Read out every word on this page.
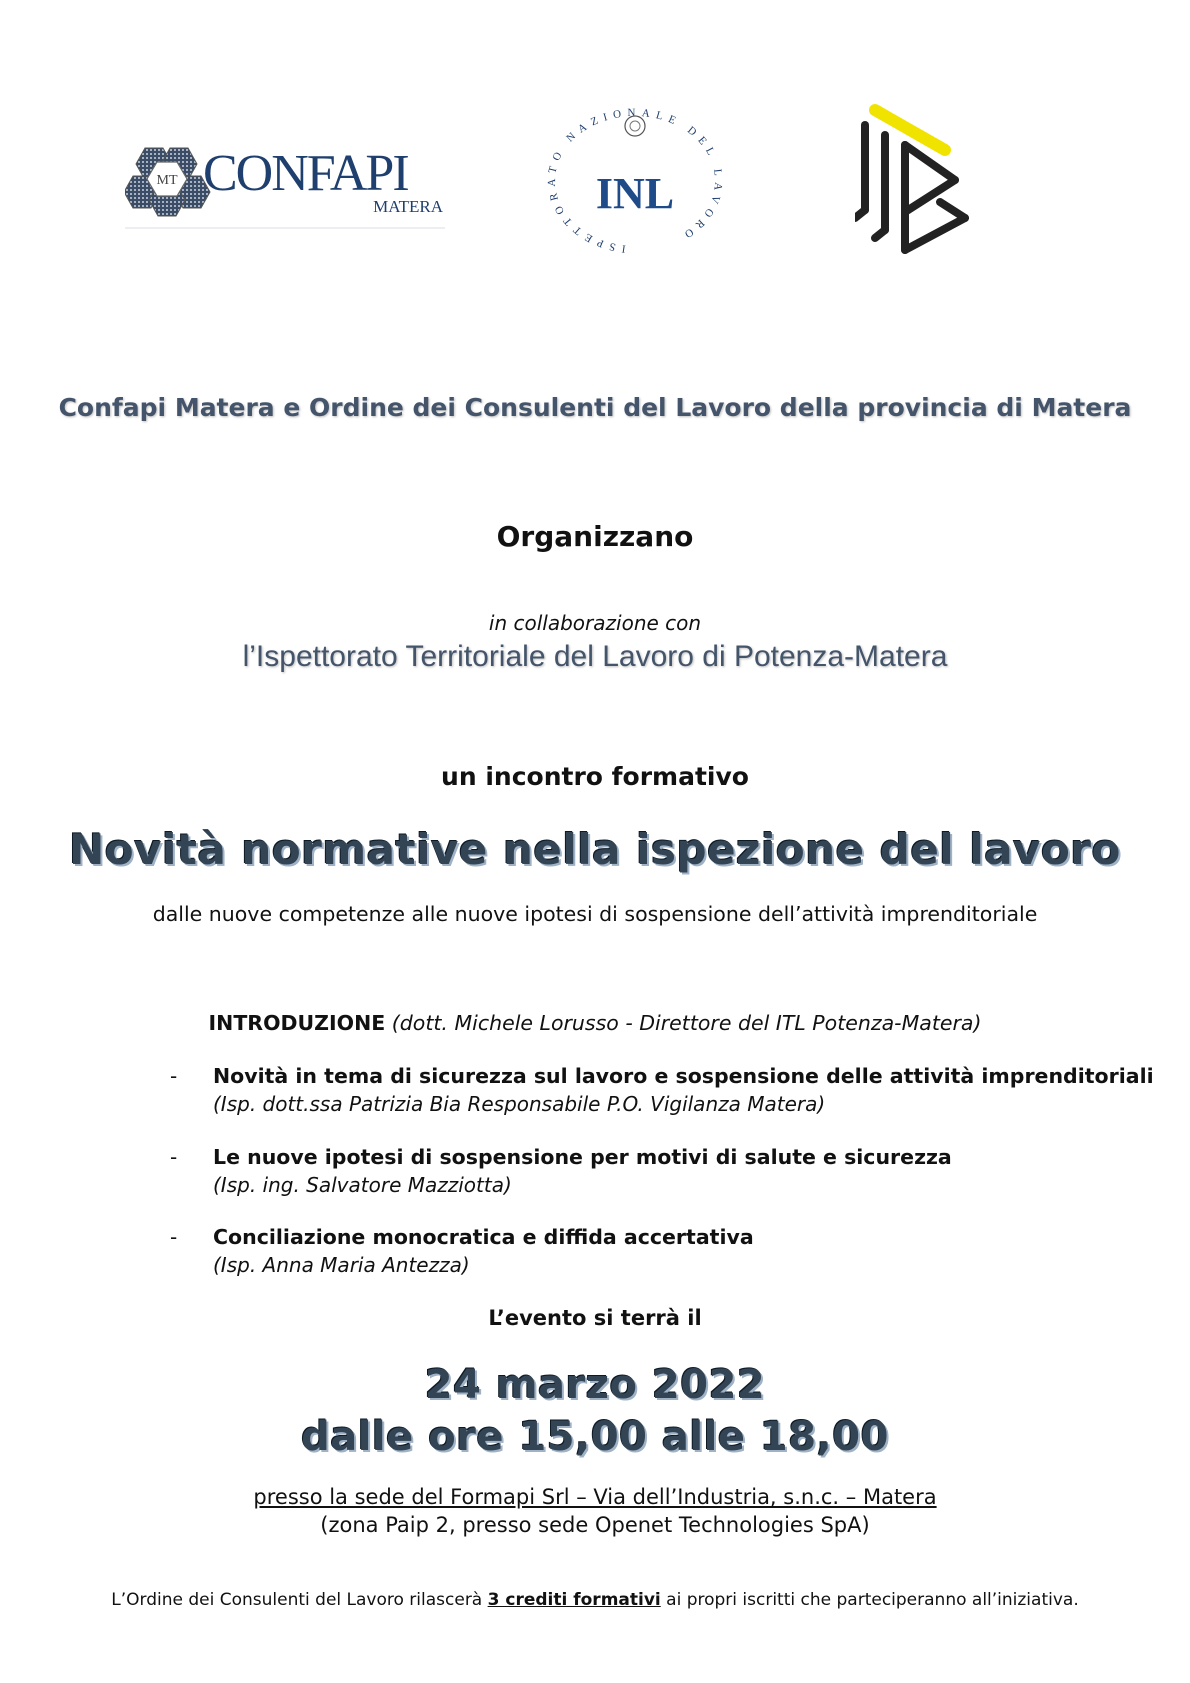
MT CONFAPI
MATERA
ISPETTORATO NAZIONALE DEL LAVORO
INL
Confapi Matera e Ordine dei Consulenti del Lavoro della provincia di Matera
Organizzano
in collaborazione con
l’Ispettorato Territoriale del Lavoro di Potenza-Matera
un incontro formativo
Novità normative nella ispezione del lavoro
dalle nuove competenze alle nuove ipotesi di sospensione dell’attività imprenditoriale
INTRODUZIONE (dott. Michele Lorusso - Direttore del ITL Potenza-Matera)
- Novità in tema di sicurezza sul lavoro e sospensione delle attività imprenditoriali
(Isp. dott.ssa Patrizia Bia Responsabile P.O. Vigilanza Matera)
- Le nuove ipotesi di sospensione per motivi di salute e sicurezza
(Isp. ing. Salvatore Mazziotta)
- Conciliazione monocratica e diffida accertativa
(Isp. Anna Maria Antezza)
L’evento si terrà il
24 marzo 2022
dalle ore 15,00 alle 18,00
presso la sede del Formapi Srl – Via dell’Industria, s.n.c. – Matera
(zona Paip 2, presso sede Openet Technologies SpA)
L’Ordine dei Consulenti del Lavoro rilascerà 3 crediti formativi ai propri iscritti che parteciperanno all’iniziativa.
